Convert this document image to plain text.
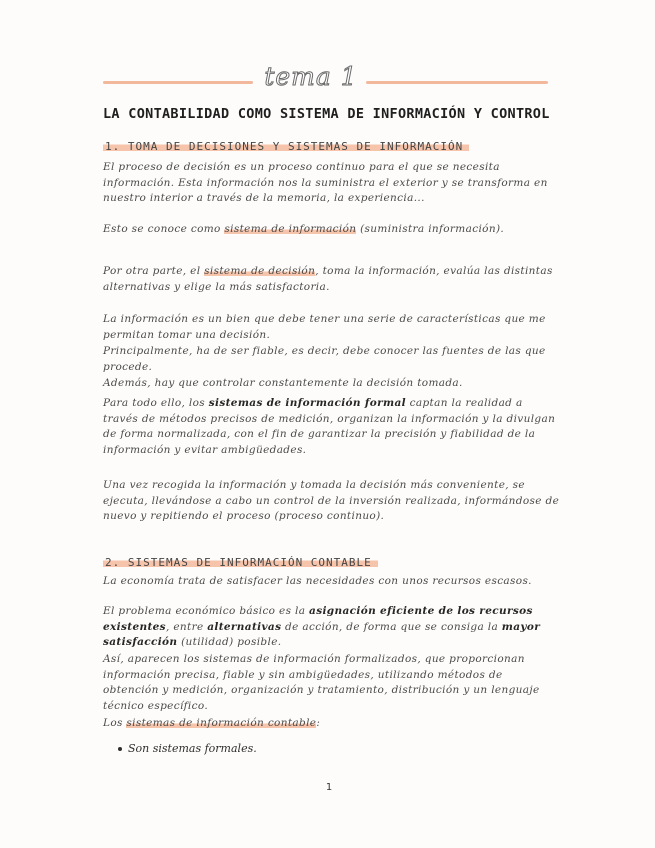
tema 1
LA CONTABILIDAD COMO SISTEMA DE INFORMACIÓN Y CONTROL
1. TOMA DE DECISIONES Y SISTEMAS DE INFORMACIÓN
El proceso de decisión es un proceso continuo para el que se necesita información. Esta información nos la suministra el exterior y se transforma en nuestro interior a través de la memoria, la experiencia...
Esto se conoce como sistema de información (suministra información).
Por otra parte, el sistema de decisión, toma la información, evalúa las distintas alternativas y elige la más satisfactoria.
La información es un bien que debe tener una serie de características que me permitan tomar una decisión.
Principalmente, ha de ser fiable, es decir, debe conocer las fuentes de las que procede.
Además, hay que controlar constantemente la decisión tomada.
Para todo ello, los sistemas de información formal captan la realidad a través de métodos precisos de medición, organizan la información y la divulgan de forma normalizada, con el fin de garantizar la precisión y fiabilidad de la información y evitar ambigüedades.
Una vez recogida la información y tomada la decisión más conveniente, se ejecuta, llevándose a cabo un control de la inversión realizada, informándose de nuevo y repitiendo el proceso (proceso continuo).
2. SISTEMAS DE INFORMACIÓN CONTABLE
La economía trata de satisfacer las necesidades con unos recursos escasos.
El problema económico básico es la asignación eficiente de los recursos existentes, entre alternativas de acción, de forma que se consiga la mayor satisfacción (utilidad) posible.
Así, aparecen los sistemas de información formalizados, que proporcionan información precisa, fiable y sin ambigüedades, utilizando métodos de obtención y medición, organización y tratamiento, distribución y un lenguaje técnico específico.
Los sistemas de información contable:
Son sistemas formales.
1
